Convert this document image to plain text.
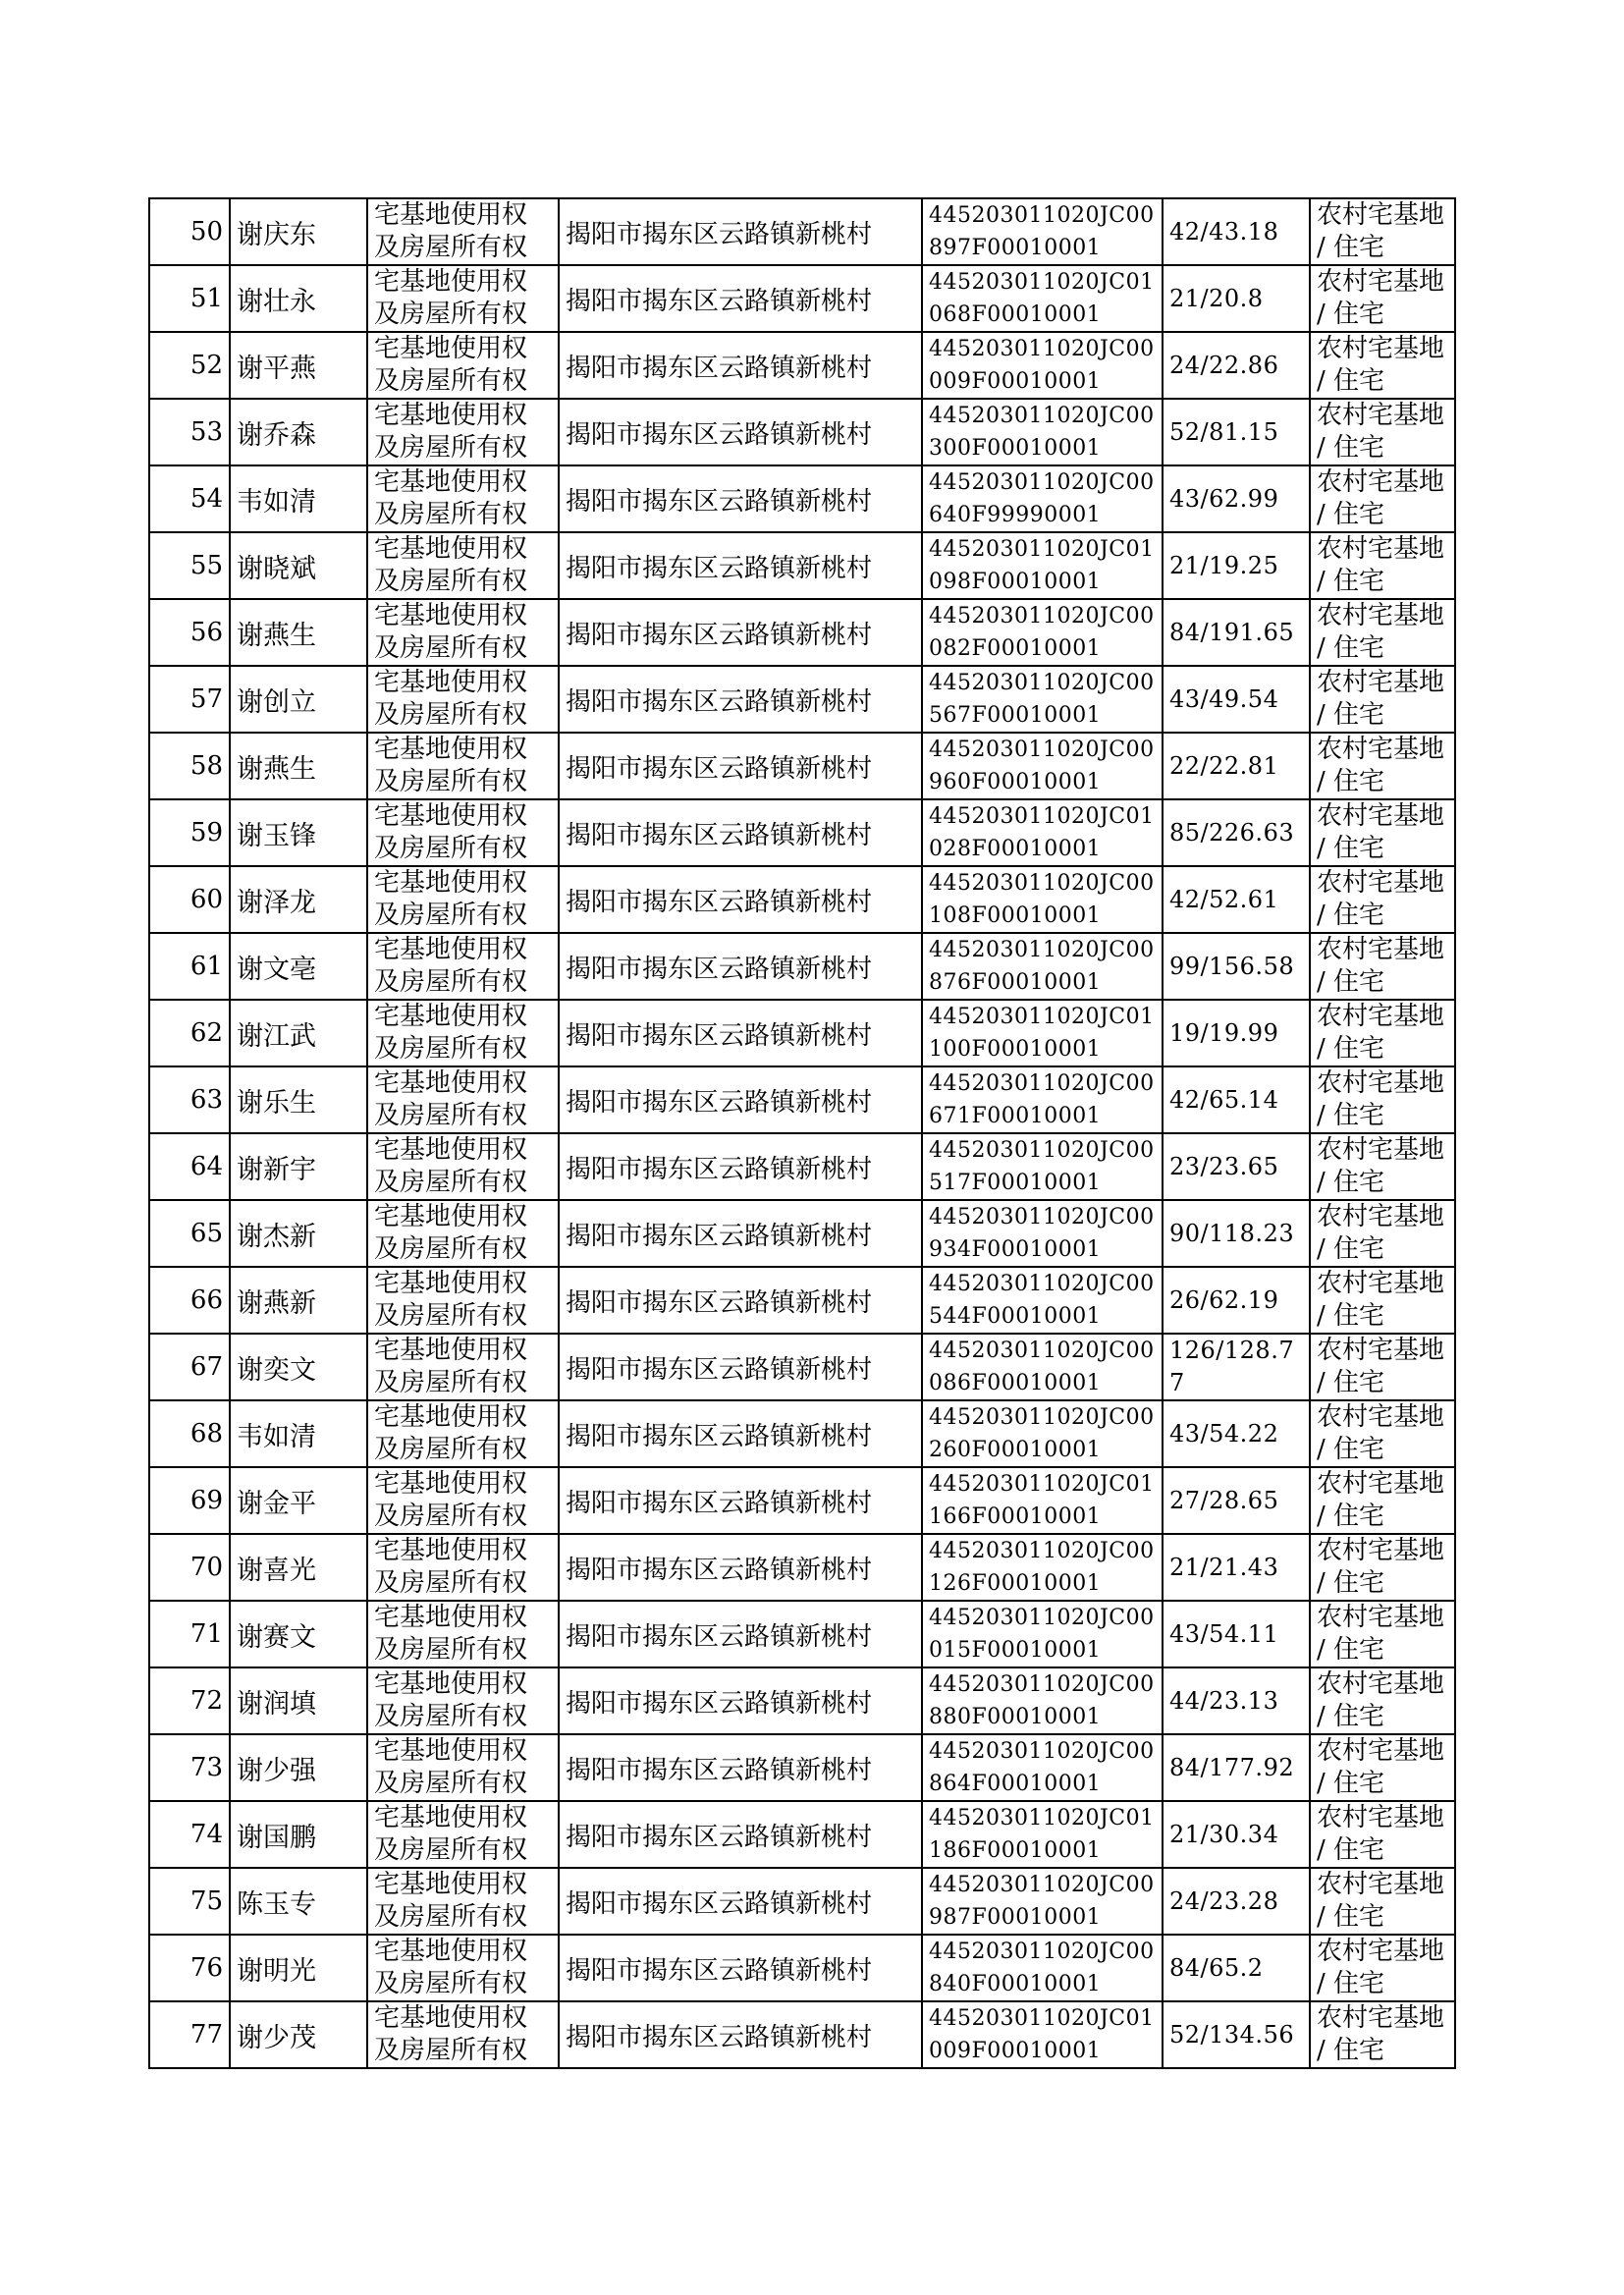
50	谢庆东	宅基地使用权及房屋所有权	揭阳市揭东区云路镇新桃村	445203011020JC00897F00010001	42/43.18	农村宅基地 / 住宅
51	谢壮永	宅基地使用权及房屋所有权	揭阳市揭东区云路镇新桃村	445203011020JC01068F00010001	21/20.8	农村宅基地 / 住宅
52	谢平燕	宅基地使用权及房屋所有权	揭阳市揭东区云路镇新桃村	445203011020JC00009F00010001	24/22.86	农村宅基地 / 住宅
53	谢乔森	宅基地使用权及房屋所有权	揭阳市揭东区云路镇新桃村	445203011020JC00300F00010001	52/81.15	农村宅基地 / 住宅
54	韦如清	宅基地使用权及房屋所有权	揭阳市揭东区云路镇新桃村	445203011020JC00640F99990001	43/62.99	农村宅基地 / 住宅
55	谢晓斌	宅基地使用权及房屋所有权	揭阳市揭东区云路镇新桃村	445203011020JC01098F00010001	21/19.25	农村宅基地 / 住宅
56	谢燕生	宅基地使用权及房屋所有权	揭阳市揭东区云路镇新桃村	445203011020JC00082F00010001	84/191.65	农村宅基地 / 住宅
57	谢创立	宅基地使用权及房屋所有权	揭阳市揭东区云路镇新桃村	445203011020JC00567F00010001	43/49.54	农村宅基地 / 住宅
58	谢燕生	宅基地使用权及房屋所有权	揭阳市揭东区云路镇新桃村	445203011020JC00960F00010001	22/22.81	农村宅基地 / 住宅
59	谢玉锋	宅基地使用权及房屋所有权	揭阳市揭东区云路镇新桃村	445203011020JC01028F00010001	85/226.63	农村宅基地 / 住宅
60	谢泽龙	宅基地使用权及房屋所有权	揭阳市揭东区云路镇新桃村	445203011020JC00108F00010001	42/52.61	农村宅基地 / 住宅
61	谢文亳	宅基地使用权及房屋所有权	揭阳市揭东区云路镇新桃村	445203011020JC00876F00010001	99/156.58	农村宅基地 / 住宅
62	谢江武	宅基地使用权及房屋所有权	揭阳市揭东区云路镇新桃村	445203011020JC01100F00010001	19/19.99	农村宅基地 / 住宅
63	谢乐生	宅基地使用权及房屋所有权	揭阳市揭东区云路镇新桃村	445203011020JC00671F00010001	42/65.14	农村宅基地 / 住宅
64	谢新宇	宅基地使用权及房屋所有权	揭阳市揭东区云路镇新桃村	445203011020JC00517F00010001	23/23.65	农村宅基地 / 住宅
65	谢杰新	宅基地使用权及房屋所有权	揭阳市揭东区云路镇新桃村	445203011020JC00934F00010001	90/118.23	农村宅基地 / 住宅
66	谢燕新	宅基地使用权及房屋所有权	揭阳市揭东区云路镇新桃村	445203011020JC00544F00010001	26/62.19	农村宅基地 / 住宅
67	谢奕文	宅基地使用权及房屋所有权	揭阳市揭东区云路镇新桃村	445203011020JC00086F00010001	126/128.77	农村宅基地 / 住宅
68	韦如清	宅基地使用权及房屋所有权	揭阳市揭东区云路镇新桃村	445203011020JC00260F00010001	43/54.22	农村宅基地 / 住宅
69	谢金平	宅基地使用权及房屋所有权	揭阳市揭东区云路镇新桃村	445203011020JC01166F00010001	27/28.65	农村宅基地 / 住宅
70	谢喜光	宅基地使用权及房屋所有权	揭阳市揭东区云路镇新桃村	445203011020JC00126F00010001	21/21.43	农村宅基地 / 住宅
71	谢赛文	宅基地使用权及房屋所有权	揭阳市揭东区云路镇新桃村	445203011020JC00015F00010001	43/54.11	农村宅基地 / 住宅
72	谢润填	宅基地使用权及房屋所有权	揭阳市揭东区云路镇新桃村	445203011020JC00880F00010001	44/23.13	农村宅基地 / 住宅
73	谢少强	宅基地使用权及房屋所有权	揭阳市揭东区云路镇新桃村	445203011020JC00864F00010001	84/177.92	农村宅基地 / 住宅
74	谢国鹏	宅基地使用权及房屋所有权	揭阳市揭东区云路镇新桃村	445203011020JC01186F00010001	21/30.34	农村宅基地 / 住宅
75	陈玉专	宅基地使用权及房屋所有权	揭阳市揭东区云路镇新桃村	445203011020JC00987F00010001	24/23.28	农村宅基地 / 住宅
76	谢明光	宅基地使用权及房屋所有权	揭阳市揭东区云路镇新桃村	445203011020JC00840F00010001	84/65.2	农村宅基地 / 住宅
77	谢少茂	宅基地使用权及房屋所有权	揭阳市揭东区云路镇新桃村	445203011020JC01009F00010001	52/134.56	农村宅基地 / 住宅
